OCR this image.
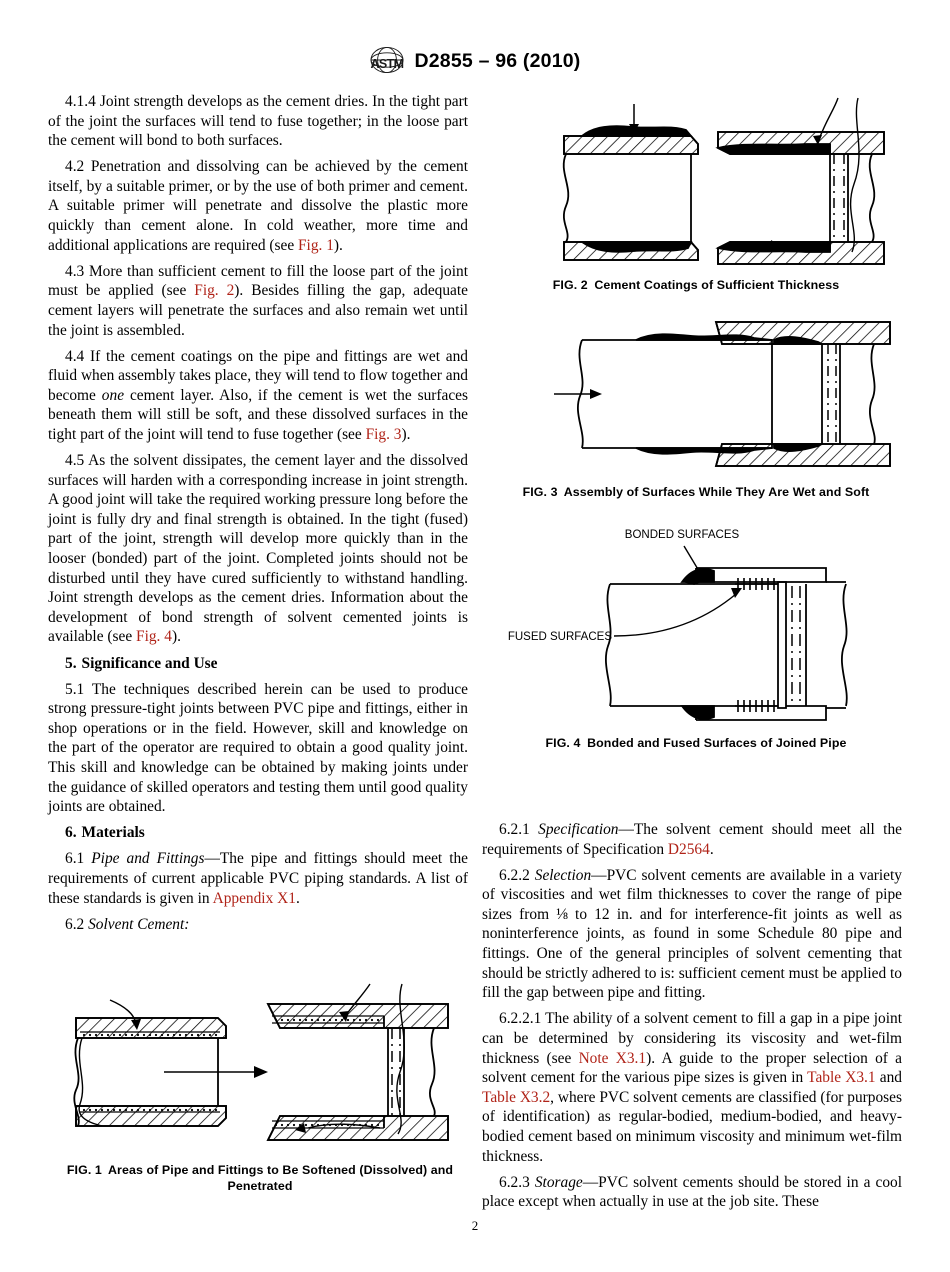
ASTM D2855 – 96 (2010)

4.1.4 Joint strength develops as the cement dries. In the tight part of the joint the surfaces will tend to fuse together; in the loose part the cement will bond to both surfaces.

4.2 Penetration and dissolving can be achieved by the cement itself, by a suitable primer, or by the use of both primer and cement. A suitable primer will penetrate and dissolve the plastic more quickly than cement alone. In cold weather, more time and additional applications are required (see Fig. 1).

4.3 More than sufficient cement to fill the loose part of the joint must be applied (see Fig. 2). Besides filling the gap, adequate cement layers will penetrate the surfaces and also remain wet until the joint is assembled.

4.4 If the cement coatings on the pipe and fittings are wet and fluid when assembly takes place, they will tend to flow together and become one cement layer. Also, if the cement is wet the surfaces beneath them will still be soft, and these dissolved surfaces in the tight part of the joint will tend to fuse together (see Fig. 3).

4.5 As the solvent dissipates, the cement layer and the dissolved surfaces will harden with a corresponding increase in joint strength. A good joint will take the required working pressure long before the joint is fully dry and final strength is obtained. In the tight (fused) part of the joint, strength will develop more quickly than in the looser (bonded) part of the joint. Completed joints should not be disturbed until they have cured sufficiently to withstand handling. Joint strength develops as the cement dries. Information about the development of bond strength of solvent cemented joints is available (see Fig. 4).

5. Significance and Use

5.1 The techniques described herein can be used to produce strong pressure-tight joints between PVC pipe and fittings, either in shop operations or in the field. However, skill and knowledge on the part of the operator are required to obtain a good quality joint. This skill and knowledge can be obtained by making joints under the guidance of skilled operators and testing them until good quality joints are obtained.

6. Materials

6.1 Pipe and Fittings—The pipe and fittings should meet the requirements of current applicable PVC piping standards. A list of these standards is given in Appendix X1.

6.2 Solvent Cement:

6.2.1 Specification—The solvent cement should meet all the requirements of Specification D2564.

6.2.2 Selection—PVC solvent cements are available in a variety of viscosities and wet film thicknesses to cover the range of pipe sizes from ⅛ to 12 in. and for interference-fit joints as well as noninterference joints, as found in some Schedule 80 pipe and fittings. One of the general principles of solvent cementing that should be strictly adhered to is: sufficient cement must be applied to fill the gap between pipe and fitting.

6.2.2.1 The ability of a solvent cement to fill a gap in a pipe joint can be determined by considering its viscosity and wet-film thickness (see Note X3.1). A guide to the proper selection of a solvent cement for the various pipe sizes is given in Table X3.1 and Table X3.2, where PVC solvent cements are classified (for purposes of identification) as regular-bodied, medium-bodied, and heavy-bodied cement based on minimum viscosity and minimum wet-film thickness.

6.2.3 Storage—PVC solvent cements should be stored in a cool place except when actually in use at the job site. These

FIG. 2 Cement Coatings of Sufficient Thickness
FIG. 3 Assembly of Surfaces While They Are Wet and Soft
BONDED SURFACES
FUSED SURFACES
FIG. 4 Bonded and Fused Surfaces of Joined Pipe
FIG. 1 Areas of Pipe and Fittings to Be Softened (Dissolved) and Penetrated
2
